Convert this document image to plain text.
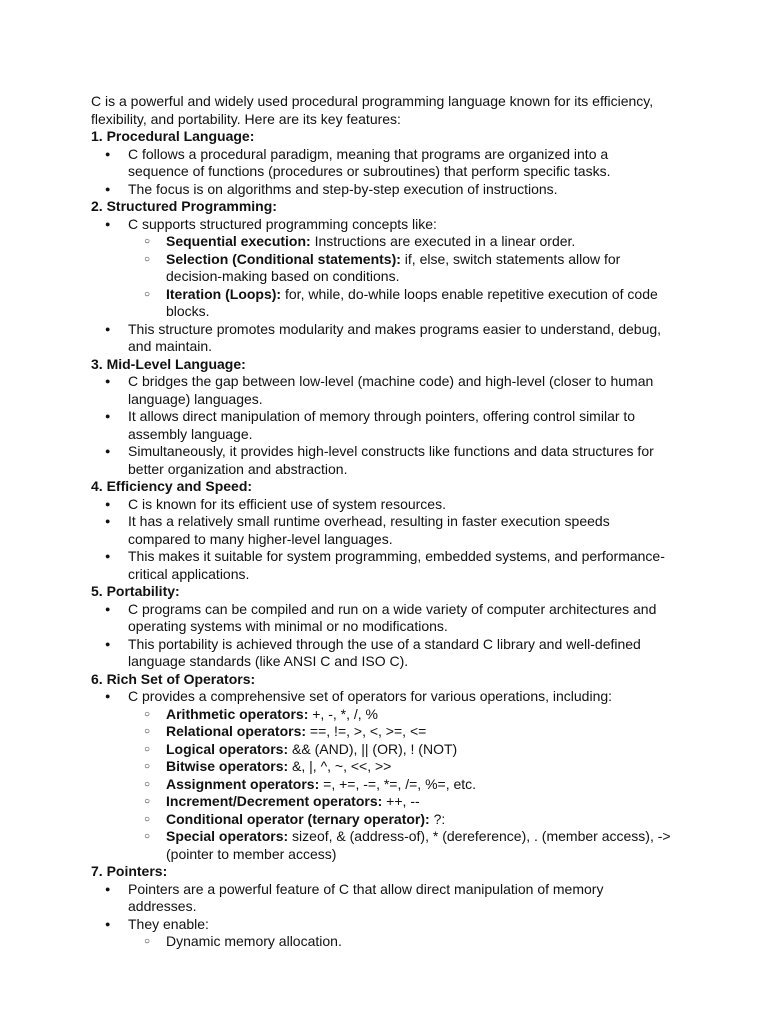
C is a powerful and widely used procedural programming language known for its efficiency, flexibility, and portability. Here are its key features:

1. Procedural Language:

● C follows a procedural paradigm, meaning that programs are organized into a sequence of functions (procedures or subroutines) that perform specific tasks.
● The focus is on algorithms and step-by-step execution of instructions.

2. Structured Programming:

● C supports structured programming concepts like:
○ Sequential execution: Instructions are executed in a linear order.
○ Selection (Conditional statements): if, else, switch statements allow for decision-making based on conditions.
○ Iteration (Loops): for, while, do-while loops enable repetitive execution of code blocks.
● This structure promotes modularity and makes programs easier to understand, debug, and maintain.

3. Mid-Level Language:

● C bridges the gap between low-level (machine code) and high-level (closer to human language) languages.
● It allows direct manipulation of memory through pointers, offering control similar to assembly language.
● Simultaneously, it provides high-level constructs like functions and data structures for better organization and abstraction.

4. Efficiency and Speed:

● C is known for its efficient use of system resources.
● It has a relatively small runtime overhead, resulting in faster execution speeds compared to many higher-level languages.
● This makes it suitable for system programming, embedded systems, and performance-critical applications.

5. Portability:

● C programs can be compiled and run on a wide variety of computer architectures and operating systems with minimal or no modifications.
● This portability is achieved through the use of a standard C library and well-defined language standards (like ANSI C and ISO C).

6. Rich Set of Operators:

● C provides a comprehensive set of operators for various operations, including:
○ Arithmetic operators: +, -, *, /, %
○ Relational operators: ==, !=, >, <, >=, <=
○ Logical operators: && (AND), || (OR), ! (NOT)
○ Bitwise operators: &, |, ^, ~, <<, >>
○ Assignment operators: =, +=, -=, *=, /=, %=, etc.
○ Increment/Decrement operators: ++, --
○ Conditional operator (ternary operator): ?:
○ Special operators: sizeof, & (address-of), * (dereference), . (member access), -> (pointer to member access)

7. Pointers:

● Pointers are a powerful feature of C that allow direct manipulation of memory addresses.
● They enable:
○ Dynamic memory allocation.
